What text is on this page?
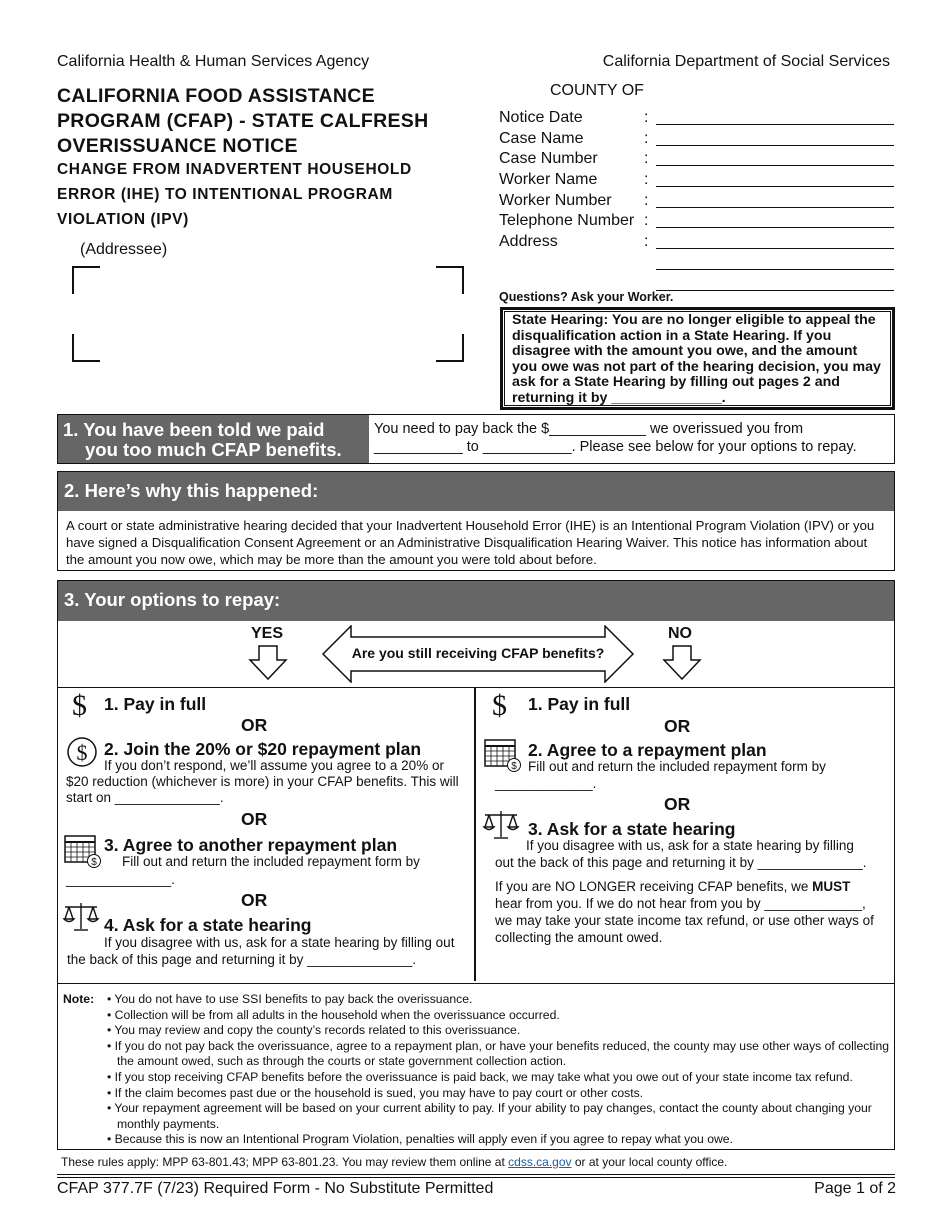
California Health & Human Services Agency	California Department of Social Services
CALIFORNIA FOOD ASSISTANCE
PROGRAM (CFAP) - STATE CALFRESH
OVERISSUANCE NOTICE
CHANGE FROM INADVERTENT HOUSEHOLD
ERROR (IHE) TO INTENTIONAL PROGRAM
VIOLATION (IPV)
(Addressee)
COUNTY OF
Notice Date	:
Case Name	:
Case Number	:
Worker Name	:
Worker Number	:
Telephone Number :
Address	:
Questions? Ask your Worker.
State Hearing: You are no longer eligible to appeal the disqualification action in a State Hearing. If you disagree with the amount you owe, and the amount you owe was not part of the hearing decision, you may ask for a State Hearing by filling out pages 2 and returning it by ______________.
1. You have been told we paid
you too much CFAP benefits.
You need to pay back the $____________ we overissued you from
___________ to ___________. Please see below for your options to repay.
2. Here’s why this happened:
A court or state administrative hearing decided that your Inadvertent Household Error (IHE) is an Intentional Program Violation (IPV) or you have signed a Disqualification Consent Agreement or an Administrative Disqualification Hearing Waiver. This notice has information about the amount you now owe, which may be more than the amount you were told about before.
3. Your options to repay:
YES	NO
Are you still receiving CFAP benefits?
$ 1. Pay in full
OR
$ 2. Join the 20% or $20 repayment plan
If you don’t respond, we’ll assume you agree to a 20% or
$20 reduction (whichever is more) in your CFAP benefits. This will
start on ______________.
OR
$
3. Agree to another repayment plan
Fill out and return the included repayment form by
______________.
OR
4. Ask for a state hearing
If you disagree with us, ask for a state hearing by filling out
the back of this page and returning it by ______________.
$ 1. Pay in full
OR
$
2. Agree to a repayment plan
Fill out and return the included repayment form by
_____________.
OR
3. Ask for a state hearing
If you disagree with us, ask for a state hearing by filling
out the back of this page and returning it by ______________.
If you are NO LONGER receiving CFAP benefits, we MUST
hear from you. If we do not hear from you by _____________,
we may take your state income tax refund, or use other ways of
collecting the amount owed.
Note:	• You do not have to use SSI benefits to pay back the overissuance.
• Collection will be from all adults in the household when the overissuance occurred.
• You may review and copy the county’s records related to this overissuance.
• If you do not pay back the overissuance, agree to a repayment plan, or have your benefits reduced, the county may use other ways of collecting the amount owed, such as through the courts or state government collection action.
• If you stop receiving CFAP benefits before the overissuance is paid back, we may take what you owe out of your state income tax refund.
• If the claim becomes past due or the household is sued, you may have to pay court or other costs.
• Your repayment agreement will be based on your current ability to pay. If your ability to pay changes, contact the county about changing your monthly payments.
• Because this is now an Intentional Program Violation, penalties will apply even if you agree to repay what you owe.
These rules apply: MPP 63-801.43; MPP 63-801.23. You may review them online at cdss.ca.gov or at your local county office.
CFAP 377.7F (7/23) Required Form - No Substitute Permitted	Page 1 of 2
